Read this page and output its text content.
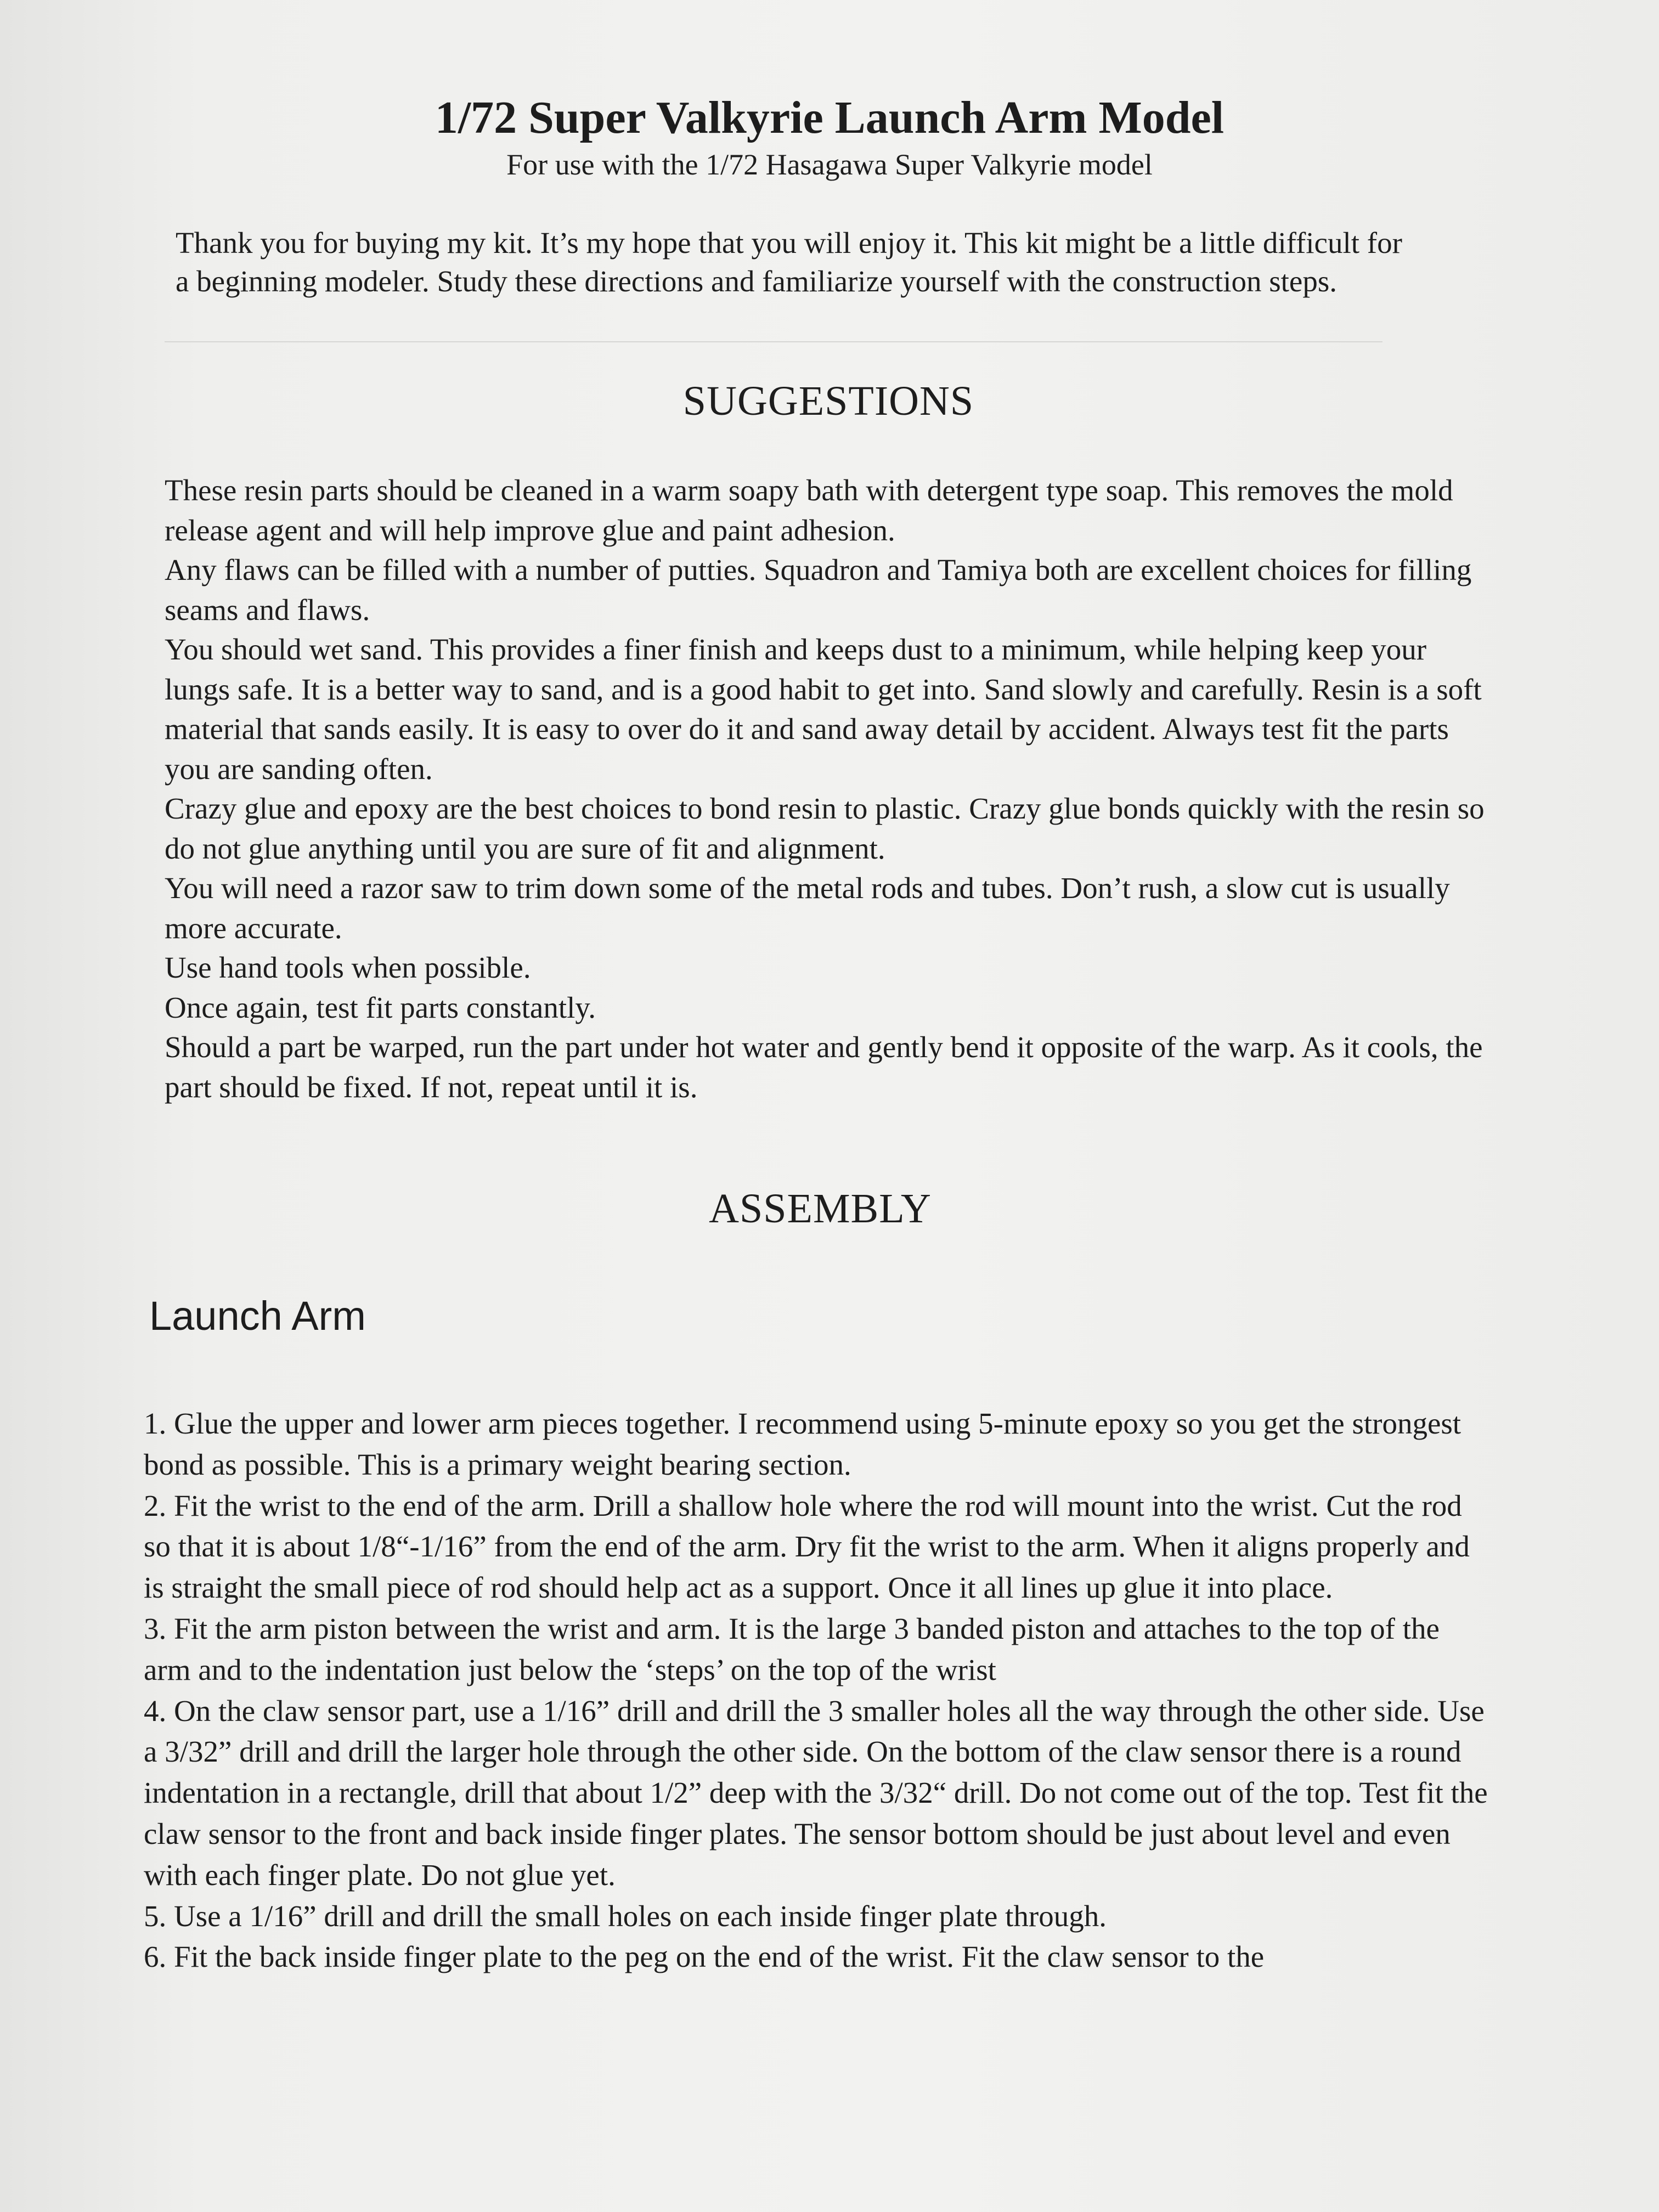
1/72 Super Valkyrie Launch Arm Model

For use with the 1/72 Hasagawa Super Valkyrie model

Thank you for buying my kit. It’s my hope that you will enjoy it. This kit might be a little difficult for a beginning modeler. Study these directions and familiarize yourself with the construction steps.

SUGGESTIONS
These resin parts should be cleaned in a warm soapy bath with detergent type soap. This removes the mold release agent and will help improve glue and paint adhesion.
Any flaws can be filled with a number of putties. Squadron and Tamiya both are excellent choices for filling seams and flaws.
You should wet sand. This provides a finer finish and keeps dust to a minimum, while helping keep your lungs safe. It is a better way to sand, and is a good habit to get into. Sand slowly and carefully. Resin is a soft material that sands easily. It is easy to over do it and sand away detail by accident. Always test fit the parts you are sanding often.
Crazy glue and epoxy are the best choices to bond resin to plastic. Crazy glue bonds quickly with the resin so do not glue anything until you are sure of fit and alignment.
You will need a razor saw to trim down some of the metal rods and tubes. Don’t rush, a slow cut is usually more accurate.
Use hand tools when possible.
Once again, test fit parts constantly.
Should a part be warped, run the part under hot water and gently bend it opposite of the warp. As it cools, the part should be fixed. If not, repeat until it is.
ASSEMBLY
Launch Arm
1. Glue the upper and lower arm pieces together. I recommend using 5-minute epoxy so you get the strongest bond as possible. This is a primary weight bearing section.
2. Fit the wrist to the end of the arm. Drill a shallow hole where the rod will mount into the wrist. Cut the rod so that it is about 1/8“-1/16” from the end of the arm. Dry fit the wrist to the arm. When it aligns properly and is straight the small piece of rod should help act as a support. Once it all lines up glue it into place.
3. Fit the arm piston between the wrist and arm. It is the large 3 banded piston and attaches to the top of the arm and to the indentation just below the ‘steps’ on the top of the wrist
4. On the claw sensor part, use a 1/16” drill and drill the 3 smaller holes all the way through the other side. Use a 3/32” drill and drill the larger hole through the other side. On the bottom of the claw sensor there is a round indentation in a rectangle, drill that about 1/2” deep with the 3/32“ drill. Do not come out of the top. Test fit the claw sensor to the front and back inside finger plates. The sensor bottom should be just about level and even with each finger plate. Do not glue yet.
5. Use a 1/16” drill and drill the small holes on each inside finger plate through.
6. Fit the back inside finger plate to the peg on the end of the wrist. Fit the claw sensor to the
